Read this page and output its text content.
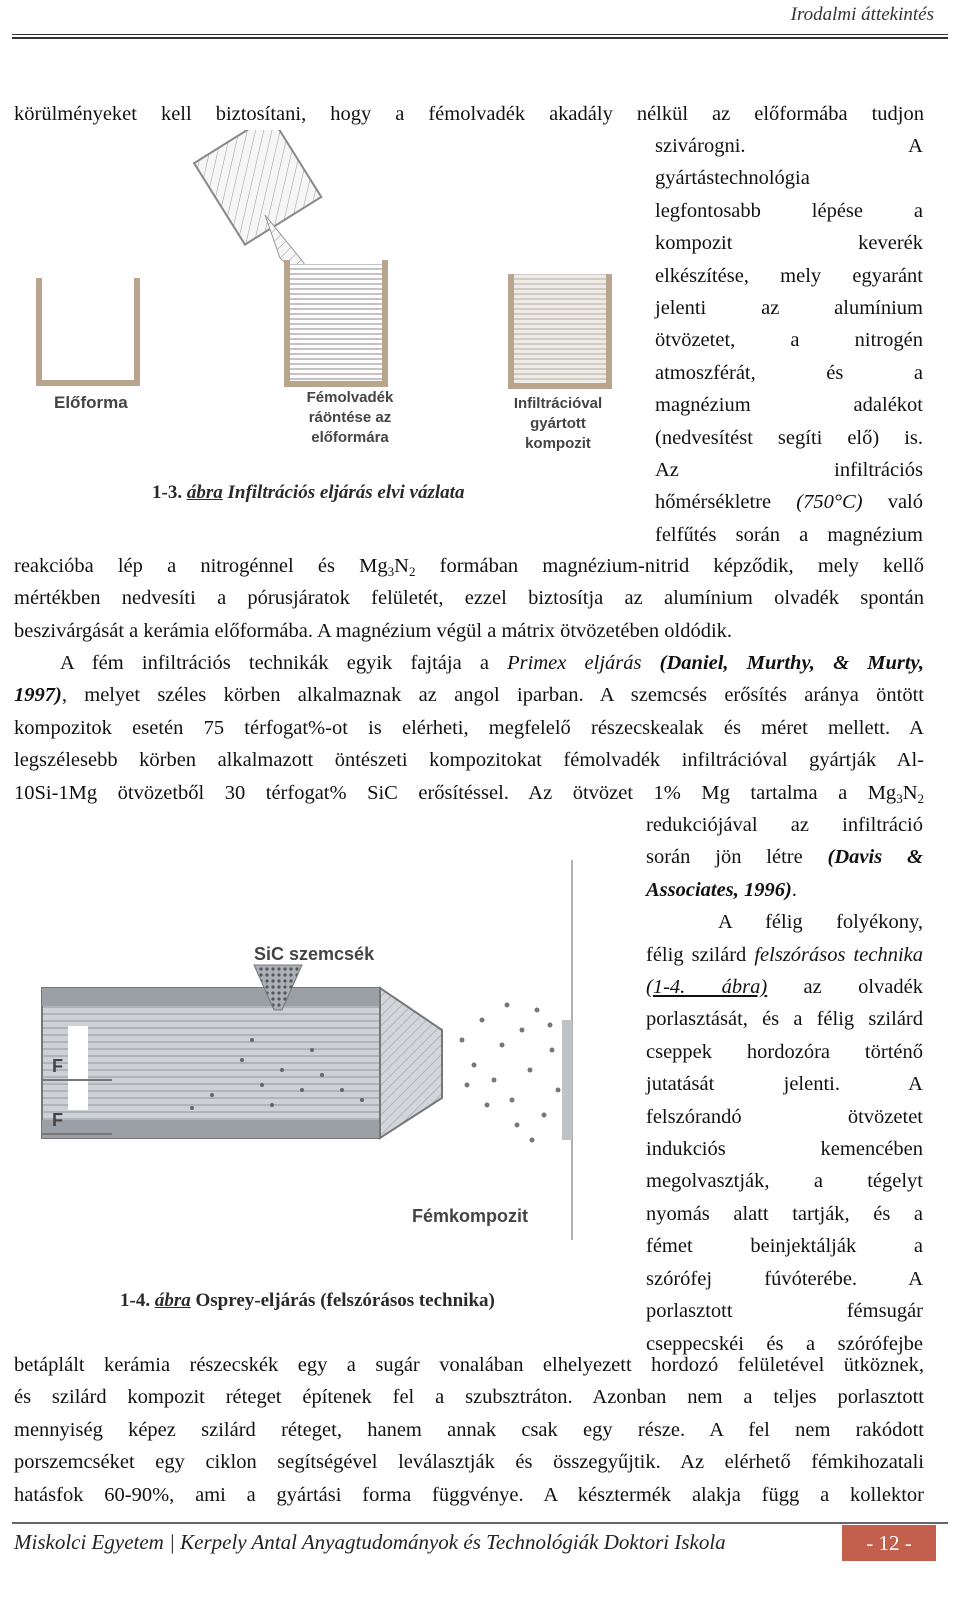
Irodalmi áttekintés
körülményeket kell biztosítani, hogy a fémolvadék akadály nélkül az előformába tudjon
szivárogni. A
gyártástechnológia
legfontosabb lépése a
kompozit keverék
elkészítése, mely egyaránt
jelenti az alumínium
ötvözetet, a nitrogén
atmoszférát, és a
magnézium adalékot
(nedvesítést segíti elő) is.
Az infiltrációs
hőmérsékletre (750°C) való
felfűtés során a magnézium
reakcióba lép a nitrogénnel és $Mg_3N_2$ formában magnézium-nitrid képződik, mely kellő
mértékben nedvesíti a pórusjáratok felületét, ezzel biztosítja az alumínium olvadék spontán
beszivárgását a kerámia előformába. A magnézium végül a mátrix ötvözetében oldódik.
A fém infiltrációs technikák egyik fajtája a Primex eljárás (Daniel, Murthy, & Murty,
1997), melyet széles körben alkalmaznak az angol iparban. A szemcsés erősítés aránya öntött
kompozitok esetén 75 térfogat%-ot is elérheti, megfelelő részecskealak és méret mellett. A
legszélesebb körben alkalmazott öntészeti kompozitokat fémolvadék infiltrációval gyártják Al-
10Si-1Mg ötvözetből 30 térfogat% SiC erősítéssel. Az ötvözet 1% Mg tartalma a $Mg_3N_2$
redukciójával az infiltráció
során jön létre (Davis &
Associates, 1996).
A félig folyékony,
félig szilárd felszórásos technika
(1-4. ábra) az olvadék
porlasztását, és a félig szilárd
cseppek hordozóra történő
jutatását jelenti. A
felszórandó ötvözetet
indukciós kemencében
megolvasztják, a tégelyt
nyomás alatt tartják, és a
fémet beinjektálják a
szórófej fúvóterébe. A
porlasztott fémsugár
cseppecskéi és a szórófejbe
betáplált kerámia részecskék egy a sugár vonalában elhelyezett hordozó felületével ütköznek,
és szilárd kompozit réteget építenek fel a szubsztráton. Azonban nem a teljes porlasztott
mennyiség képez szilárd réteget, hanem annak csak egy része. A fel nem rakódott
porszemcséket egy ciklon segítségével leválasztják és összegyűjtik. Az elérhető fémkihozatali
hatásfok 60-90%, ami a gyártási forma függvénye. A késztermék alakja függ a kollektor
Előforma	Fémolvadék
ráöntése az
előformára
Infiltrációval
gyártott
kompozit
1-3. ábra Infiltrációs eljárás elvi vázlata
SiC szemcsék
F
F
Fémkompozit
1-4. ábra Osprey-eljárás (felszórásos technika)
Miskolci Egyetem | Kerpely Antal Anyagtudományok és Technológiák Doktori Iskola	- 12 -
